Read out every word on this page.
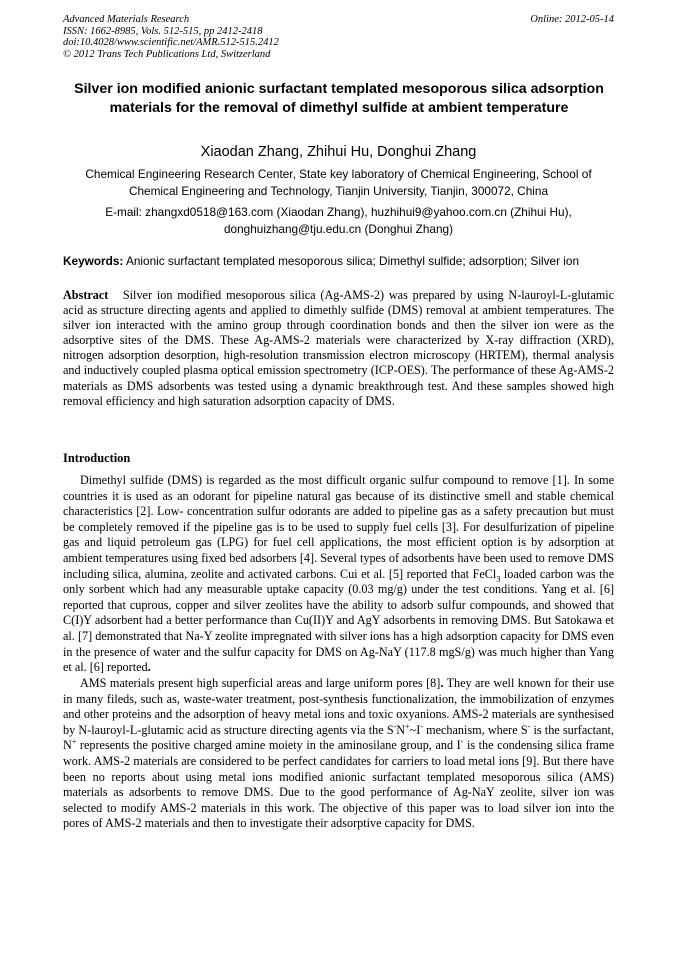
Advanced Materials Research
ISSN: 1662-8985, Vols. 512-515, pp 2412-2418
doi:10.4028/www.scientific.net/AMR.512-515.2412
© 2012 Trans Tech Publications Ltd, Switzerland
Online: 2012-05-14
Silver ion modified anionic surfactant templated mesoporous silica adsorption materials for the removal of dimethyl sulfide at ambient temperature
Xiaodan Zhang, Zhihui Hu, Donghui Zhang
Chemical Engineering Research Center, State key laboratory of Chemical Engineering, School of Chemical Engineering and Technology, Tianjin University, Tianjin, 300072, China
E-mail: zhangxd0518@163.com (Xiaodan Zhang), huzhihui9@yahoo.com.cn (Zhihui Hu), donghuizhang@tju.edu.cn (Donghui Zhang)
Keywords: Anionic surfactant templated mesoporous silica; Dimethyl sulfide; adsorption; Silver ion
Abstract Silver ion modified mesoporous silica (Ag-AMS-2) was prepared by using N-lauroyl-L-glutamic acid as structure directing agents and applied to dimethly sulfide (DMS) removal at ambient temperatures. The silver ion interacted with the amino group through coordination bonds and then the silver ion were as the adsorptive sites of the DMS. These Ag-AMS-2 materials were characterized by X-ray diffraction (XRD), nitrogen adsorption desorption, high-resolution transmission electron microscopy (HRTEM), thermal analysis and inductively coupled plasma optical emission spectrometry (ICP-OES). The performance of these Ag-AMS-2 materials as DMS adsorbents was tested using a dynamic breakthrough test. And these samples showed high removal efficiency and high saturation adsorption capacity of DMS.
Introduction
Dimethyl sulfide (DMS) is regarded as the most difficult organic sulfur compound to remove [1]. In some countries it is used as an odorant for pipeline natural gas because of its distinctive smell and stable chemical characteristics [2]. Low- concentration sulfur odorants are added to pipeline gas as a safety precaution but must be completely removed if the pipeline gas is to be used to supply fuel cells [3]. For desulfurization of pipeline gas and liquid petroleum gas (LPG) for fuel cell applications, the most efficient option is by adsorption at ambient temperatures using fixed bed adsorbers [4]. Several types of adsorbents have been used to remove DMS including silica, alumina, zeolite and activated carbons. Cui et al. [5] reported that FeCl$_3$ loaded carbon was the only sorbent which had any measurable uptake capacity (0.03 mg/g) under the test conditions. Yang et al. [6] reported that cuprous, copper and silver zeolites have the ability to adsorb sulfur compounds, and showed that C(I)Y adsorbent had a better performance than Cu(II)Y and AgY adsorbents in removing DMS. But Satokawa et al. [7] demonstrated that Na-Y zeolite impregnated with silver ions has a high adsorption capacity for DMS even in the presence of water and the sulfur capacity for DMS on Ag-NaY (117.8 mgS/g) was much higher than Yang et al. [6] reported.
AMS materials present high superficial areas and large uniform pores [8]. They are well known for their use in many fileds, such as, waste-water treatment, post-synthesis functionalization, the immobilization of enzymes and other proteins and the adsorption of heavy metal ions and toxic oxyanions. AMS-2 materials are synthesised by N-lauroyl-L-glutamic acid as structure directing agents via the S-N+~I- mechanism, where S- is the surfactant, N+ represents the positive charged amine moiety in the aminosilane group, and I- is the condensing silica frame work. AMS-2 materials are considered to be perfect candidates for carriers to load metal ions [9]. But there have been no reports about using metal ions modified anionic surfactant templated mesoporous silica (AMS) materials as adsorbents to remove DMS. Due to the good performance of Ag-NaY zeolite, silver ion was selected to modify AMS-2 materials in this work. The objective of this paper was to load silver ion into the pores of AMS-2 materials and then to investigate their adsorptive capacity for DMS.
